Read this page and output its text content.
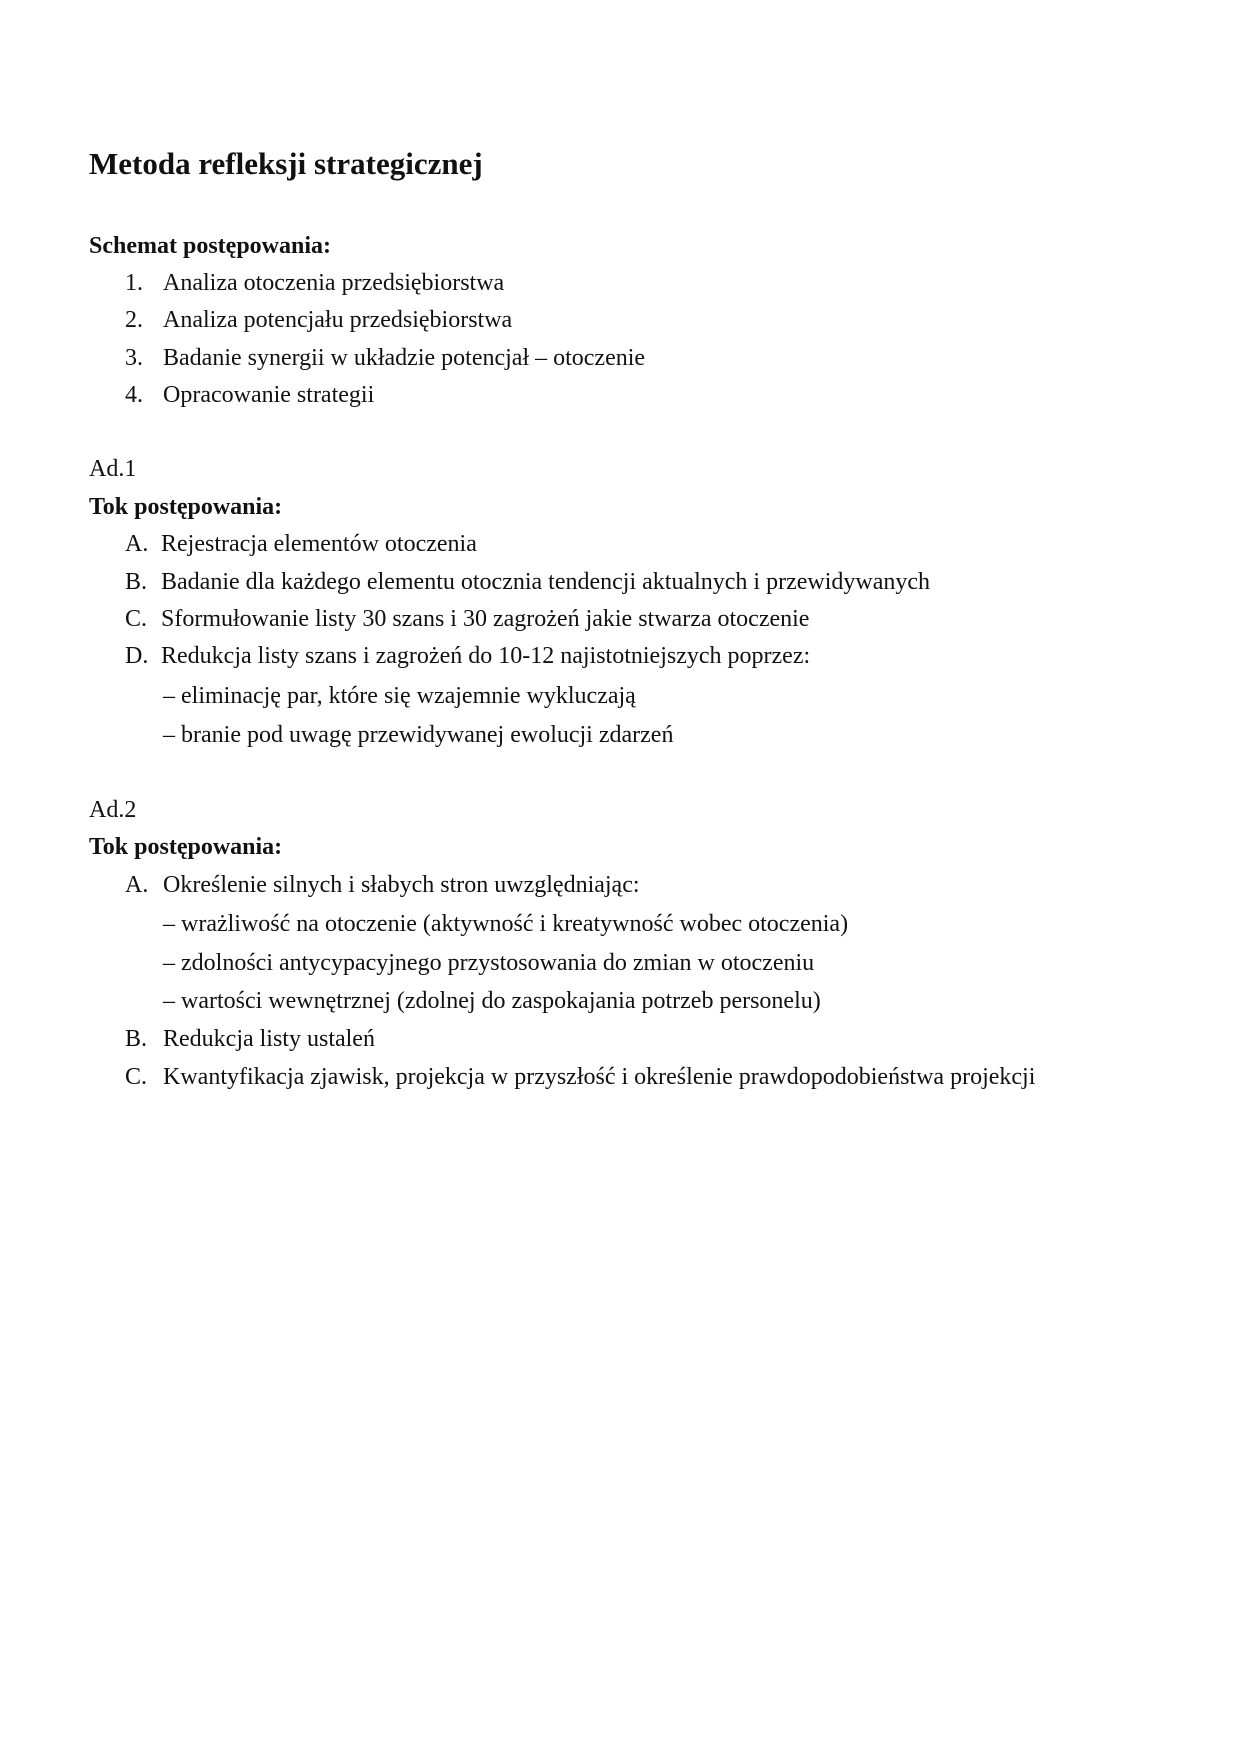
Metoda refleksji strategicznej
Schemat postępowania:
1. Analiza otoczenia przedsiębiorstwa
2. Analiza potencjału przedsiębiorstwa
3. Badanie synergii w układzie potencjał – otoczenie
4. Opracowanie strategii
Ad.1
Tok postępowania:
A. Rejestracja elementów otoczenia
B. Badanie dla każdego elementu otocznia tendencji aktualnych i przewidywanych
C. Sformułowanie listy 30 szans i 30 zagrożeń jakie stwarza otoczenie
D. Redukcja listy szans i zagrożeń do 10-12 najistotniejszych poprzez:
– eliminację par, które się wzajemnie wykluczają
– branie pod uwagę przewidywanej ewolucji zdarzeń
Ad.2
Tok postępowania:
A. Określenie silnych i słabych stron uwzględniając:
– wrażliwość na otoczenie (aktywność i kreatywność wobec otoczenia)
– zdolności antycypacyjnego przystosowania do zmian w otoczeniu
– wartości wewnętrznej (zdolnej do zaspokajania potrzeb personelu)
B. Redukcja listy ustaleń
C. Kwantyfikacja zjawisk, projekcja w przyszłość i określenie prawdopodobieństwa projekcji
